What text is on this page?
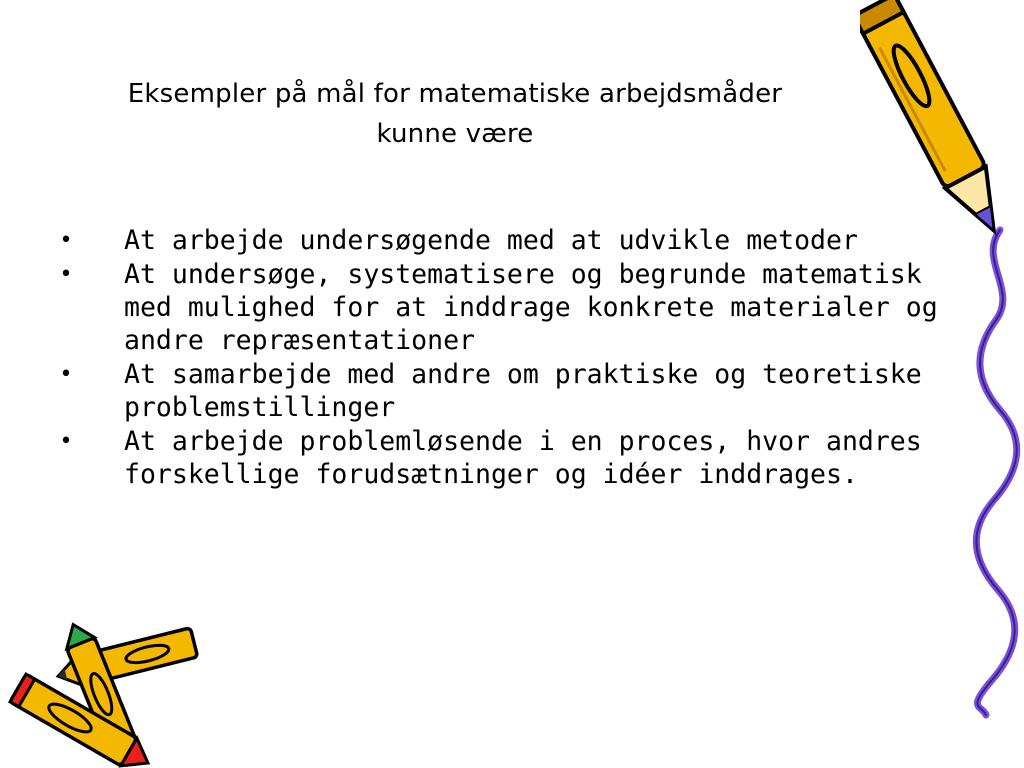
Eksempler på mål for matematiske arbejdsmåder
kunne være
• At arbejde undersøgende med at udvikle metoder
• At undersøge, systematisere og begrunde matematisk med mulighed for at inddrage konkrete materialer og andre repræsentationer
• At samarbejde med andre om praktiske og teoretiske problemstillinger
• At arbejde problemløsende i en proces, hvor andres forskellige forudsætninger og idéer inddrages.
